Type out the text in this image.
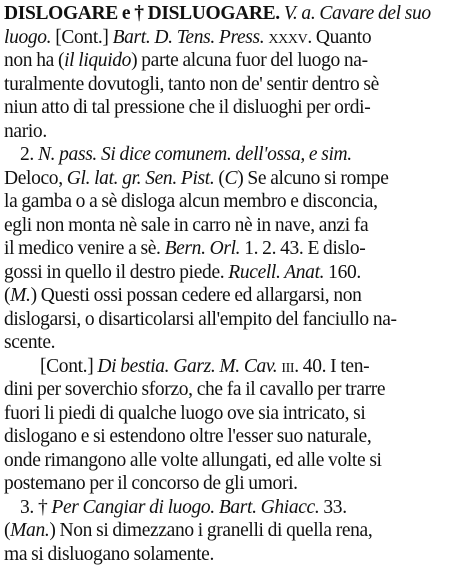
DISLOGARE e † DISLUOGARE. V. a. Cavare del suo
luogo. [Cont.] Bart. D. Tens. Press. xxxv. Quanto
non ha (il liquido) parte alcuna fuor del luogo na-
turalmente dovutogli, tanto non de' sentir dentro sè
niun atto di tal pressione che il disluoghi per ordi-
nario.
2. N. pass. Si dice comunem. dell'ossa, e sim.
Deloco, Gl. lat. gr. Sen. Pist. (C) Se alcuno si rompe
la gamba o a sè disloga alcun membro e disconcia,
egli non monta nè sale in carro nè in nave, anzi fa
il medico venire a sè. Bern. Orl. 1. 2. 43. E dislo-
gossi in quello il destro piede. Rucell. Anat. 160.
(M.) Questi ossi possan cedere ed allargarsi, non
dislogarsi, o disarticolarsi all'empito del fanciullo na-
scente.
[Cont.] Di bestia. Garz. M. Cav. iii. 40. I ten-
dini per soverchio sforzo, che fa il cavallo per trarre
fuori li piedi di qualche luogo ove sia intricato, si
dislogano e si estendono oltre l'esser suo naturale,
onde rimangono alle volte allungati, ed alle volte si
postemano per il concorso de gli umori.
3. † Per Cangiar di luogo. Bart. Ghiacc. 33.
(Man.) Non si dimezzano i granelli di quella rena,
ma si disluogano solamente.
